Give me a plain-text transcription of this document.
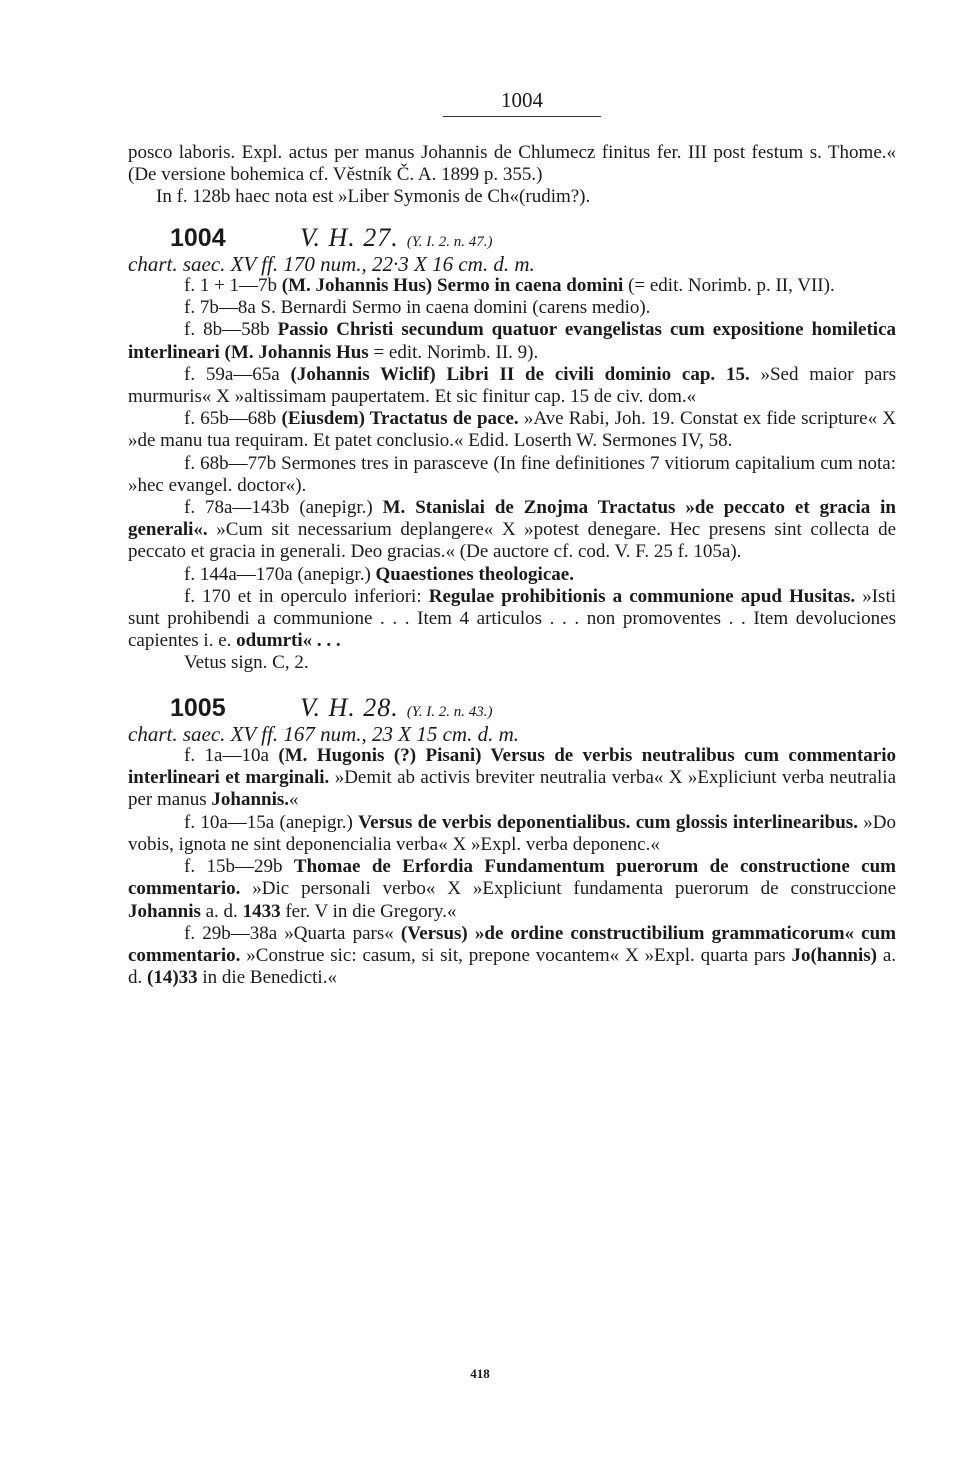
1004

posco laboris. Expl. actus per manus Johannis de Chlumecz finitus fer. III post festum s. Thome.« (De versione bohemica cf. Věstník Č. A. 1899 p. 355.)

In f. 128b haec nota est »Liber Symonis de Ch«(rudim?).

1004	V. H. 27. (Y. I. 2. n. 47.)

chart. saec. XV ff. 170 num., 22·3 X 16 cm. d. m.

f. 1 + 1—7b (M. Johannis Hus) Sermo in caena domini (= edit. Norimb. p. II, VII).

f. 7b—8a S. Bernardi Sermo in caena domini (carens medio).

f. 8b—58b Passio Christi secundum quatuor evangelistas cum expositione homiletica interlineari (M. Johannis Hus = edit. Norimb. II. 9).

f. 59a—65a (Johannis Wiclif) Libri II de civili dominio cap. 15. »Sed maior pars murmuris« X »altissimam paupertatem. Et sic finitur cap. 15 de civ. dom.«

f. 65b—68b (Eiusdem) Tractatus de pace. »Ave Rabi, Joh. 19. Constat ex fide scripture« X »de manu tua requiram. Et patet conclusio.« Edid. Loserth W. Sermones IV, 58.

f. 68b—77b Sermones tres in parasceve (In fine definitiones 7 vitiorum capitalium cum nota: »hec evangel. doctor«).

f. 78a—143b (anepigr.) M. Stanislai de Znojma Tractatus »de peccato et gracia in generali«. »Cum sit necessarium deplangere« X »potest denegare. Hec presens sint collecta de peccato et gracia in generali. Deo gracias.« (De auctore cf. cod. V. F. 25 f. 105a).

f. 144a—170a (anepigr.) Quaestiones theologicae.

f. 170 et in operculo inferiori: Regulae prohibitionis a communione apud Husitas. »Isti sunt prohibendi a communione . . . Item 4 articulos . . . non promoventes . . Item devoluciones capientes i. e. odumrti« . . .

Vetus sign. C, 2.

1005	V. H. 28. (Y. I. 2. n. 43.)

chart. saec. XV ff. 167 num., 23 X 15 cm. d. m.

f. 1a—10a (M. Hugonis (?) Pisani) Versus de verbis neutralibus cum commentario interlineari et marginali. »Demit ab activis breviter neutralia verba« X »Expliciunt verba neutralia per manus Johannis.«

f. 10a—15a (anepigr.) Versus de verbis deponentialibus. cum glossis interlinearibus. »Do vobis, ignota ne sint deponencialia verba« X »Expl. verba deponenc.«

f. 15b—29b Thomae de Erfordia Fundamentum puerorum de constructione cum commentario. »Dic personali verbo« X »Expliciunt fundamenta puerorum de construccione Johannis a. d. 1433 fer. V in die Gregory.«

f. 29b—38a »Quarta pars« (Versus) »de ordine constructibilium grammaticorum« cum commentario. »Construe sic: casum, si sit, prepone vocantem« X »Expl. quarta pars Jo(hannis) a. d. (14)33 in die Benedicti.«

418
